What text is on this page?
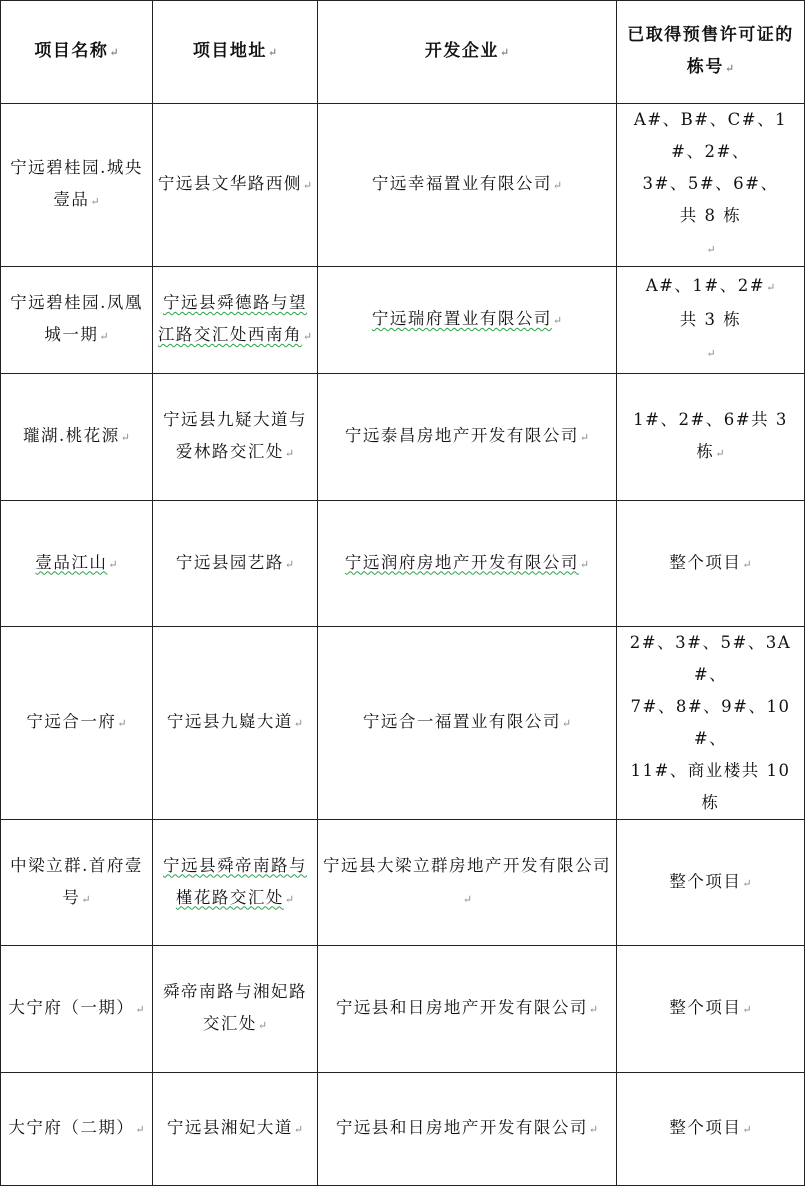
项目名称↵	项目地址↵	开发企业↵	已取得预售许可证的栋号↵
宁远碧桂园.城央壹品↵	宁远县文华路西侧↵	宁远幸福置业有限公司↵	A#、B#、C#、1#、2#、
3#、5#、6#、
共 8 栋
↵

宁远碧桂园.凤凰城一期↵	宁远县舜德路与望江路交汇处西南角↵	宁远瑞府置业有限公司↵	A#、1#、2#↵
共 3 栋
↵

瓏湖.桃花源↵	宁远县九疑大道与爱林路交汇处↵	宁远泰昌房地产开发有限公司↵	1#、2#、6#共 3 栋↵
壹品江山↵	宁远县园艺路↵	宁远润府房地产开发有限公司↵	整个项目↵
宁远合一府↵	宁远县九嶷大道↵	宁远合一福置业有限公司↵	2#、3#、5#、3A#、
7#、8#、9#、10#、
11#、商业楼共 10 栋

中梁立群.首府壹号↵	宁远县舜帝南路与槿花路交汇处↵	宁远县大梁立群房地产开发有限公司↵	整个项目↵
大宁府（一期）↵	舜帝南路与湘妃路交汇处↵	宁远县和日房地产开发有限公司↵	整个项目↵
大宁府（二期）↵	宁远县湘妃大道↵	宁远县和日房地产开发有限公司↵	整个项目↵
